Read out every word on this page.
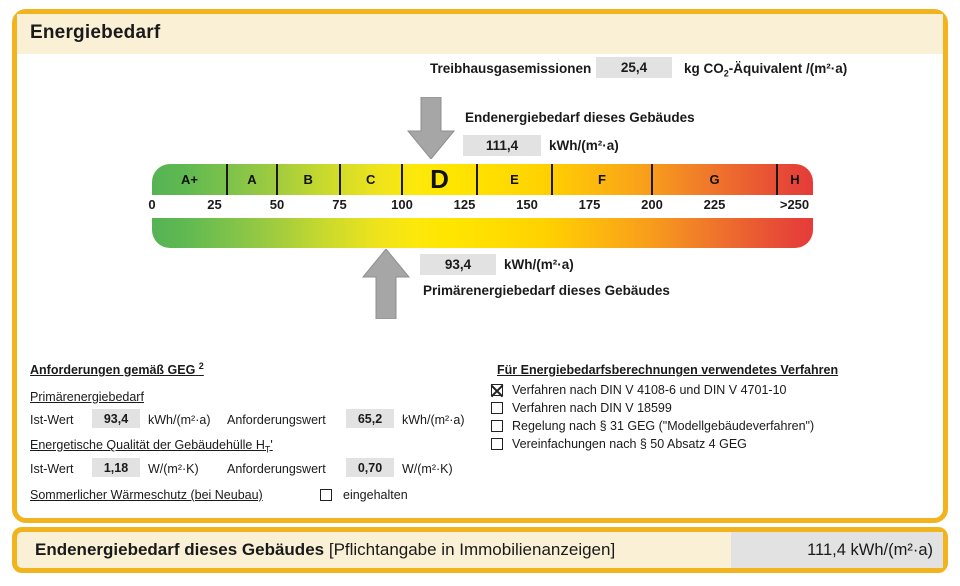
Energiebedarf
Treibhausgasemissionen 25,4	kg $CO_2$-Äquivalent /(m²·a)
Endenergiebedarf dieses Gebäudes
111,4 kWh/(m²·a)
A+	A	B	C D	E	F	G	H
0	25	50	75	100	125	150	175	200	225	>250
93,4 kWh/(m²·a)
Primärenergiebedarf dieses Gebäudes
Anforderungen gemäß GEG $^2$
Primärenergiebedarf
Ist-Wert 93,4 kWh/(m²·a) Anforderungswert	65,2 kWh/(m²·a)
Energetische Qualität der Gebäudehülle $H_T'$
Ist-Wert 1,18 W/(m²·K) Anforderungswert	0,70 W/(m²·K)
Sommerlicher Wärmeschutz (bei Neubau)	eingehalten
Für Energiebedarfsberechnungen verwendetes Verfahren
Verfahren nach DIN V 4108-6 und DIN V 4701-10
Verfahren nach DIN V 18599
Regelung nach § 31 GEG ("Modellgebäudeverfahren")
Vereinfachungen nach § 50 Absatz 4 GEG
Endenergiebedarf dieses Gebäudes [Pflichtangabe in Immobilienanzeigen]	111,4 kWh/(m²·a)
